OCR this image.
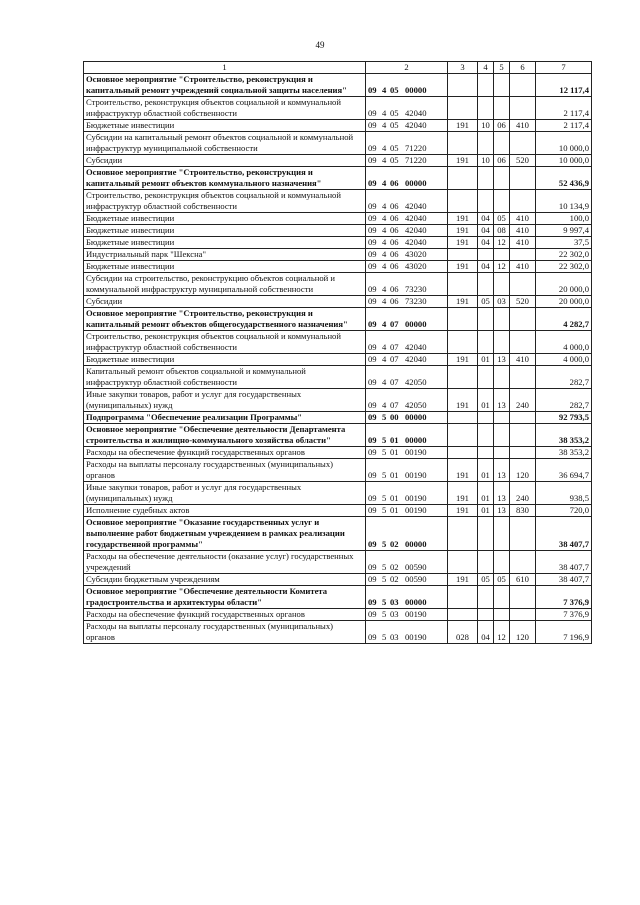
49
1	2	3	4	5	6	7
Основное мероприятие "Строительство, реконструкция и капитальный ремонт учреждений социальной защиты населения"	09 4 05 00000					12 117,4
Строительство, реконструкция объектов социальной и коммунальной инфраструктур областной собственности	09 4 05 42040					2 117,4
Бюджетные инвестиции	09 4 05 42040	191	10	06	410	2 117,4
Субсидии на капитальный ремонт объектов социальной и коммунальной инфраструктур муниципальной собственности	09 4 05 71220					10 000,0
Субсидии	09 4 05 71220	191	10	06	520	10 000,0
Основное мероприятие "Строительство, реконструкция и капитальный ремонт объектов коммунального назначения"	09 4 06 00000					52 436,9
Строительство, реконструкция объектов социальной и коммунальной инфраструктур областной собственности	09 4 06 42040					10 134,9
Бюджетные инвестиции	09 4 06 42040	191	04	05	410	100,0
Бюджетные инвестиции	09 4 06 42040	191	04	08	410	9 997,4
Бюджетные инвестиции	09 4 06 42040	191	04	12	410	37,5
Индустриальный парк "Шексна"	09 4 06 43020					22 302,0
Бюджетные инвестиции	09 4 06 43020	191	04	12	410	22 302,0
Субсидии на строительство, реконструкцию объектов социальной и коммунальной инфраструктур муниципальной собственности	09 4 06 73230					20 000,0
Субсидии	09 4 06 73230	191	05	03	520	20 000,0
Основное мероприятие "Строительство, реконструкция и капитальный ремонт объектов общегосударственного назначения"	09 4 07 00000					4 282,7
Строительство, реконструкция объектов социальной и коммунальной инфраструктур областной собственности	09 4 07 42040					4 000,0
Бюджетные инвестиции	09 4 07 42040	191	01	13	410	4 000,0
Капитальный ремонт объектов социальной и коммунальной инфраструктур областной собственности	09 4 07 42050					282,7
Иные закупки товаров, работ и услуг для государственных (муниципальных) нужд	09 4 07 42050	191	01	13	240	282,7
Подпрограмма "Обеспечение реализации Программы"	09 5 00 00000					92 793,5
Основное мероприятие "Обеспечение деятельности Департамента строительства и жилищно-коммунального хозяйства области"	09 5 01 00000					38 353,2
Расходы на обеспечение функций государственных органов	09 5 01 00190					38 353,2
Расходы на выплаты персоналу государственных (муниципальных) органов	09 5 01 00190	191	01	13	120	36 694,7
Иные закупки товаров, работ и услуг для государственных (муниципальных) нужд	09 5 01 00190	191	01	13	240	938,5
Исполнение судебных актов	09 5 01 00190	191	01	13	830	720,0
Основное мероприятие "Оказание государственных услуг и выполнение работ бюджетным учреждением в рамках реализации государственной программы"	09 5 02 00000					38 407,7
Расходы на обеспечение деятельности (оказание услуг) государственных учреждений	09 5 02 00590					38 407,7
Субсидии бюджетным учреждениям	09 5 02 00590	191	05	05	610	38 407,7
Основное мероприятие "Обеспечение деятельности Комитета градостроительства и архитектуры области"	09 5 03 00000					7 376,9
Расходы на обеспечение функций государственных органов	09 5 03 00190					7 376,9
Расходы на выплаты персоналу государственных (муниципальных) органов	09 5 03 00190	028	04	12	120	7 196,9
